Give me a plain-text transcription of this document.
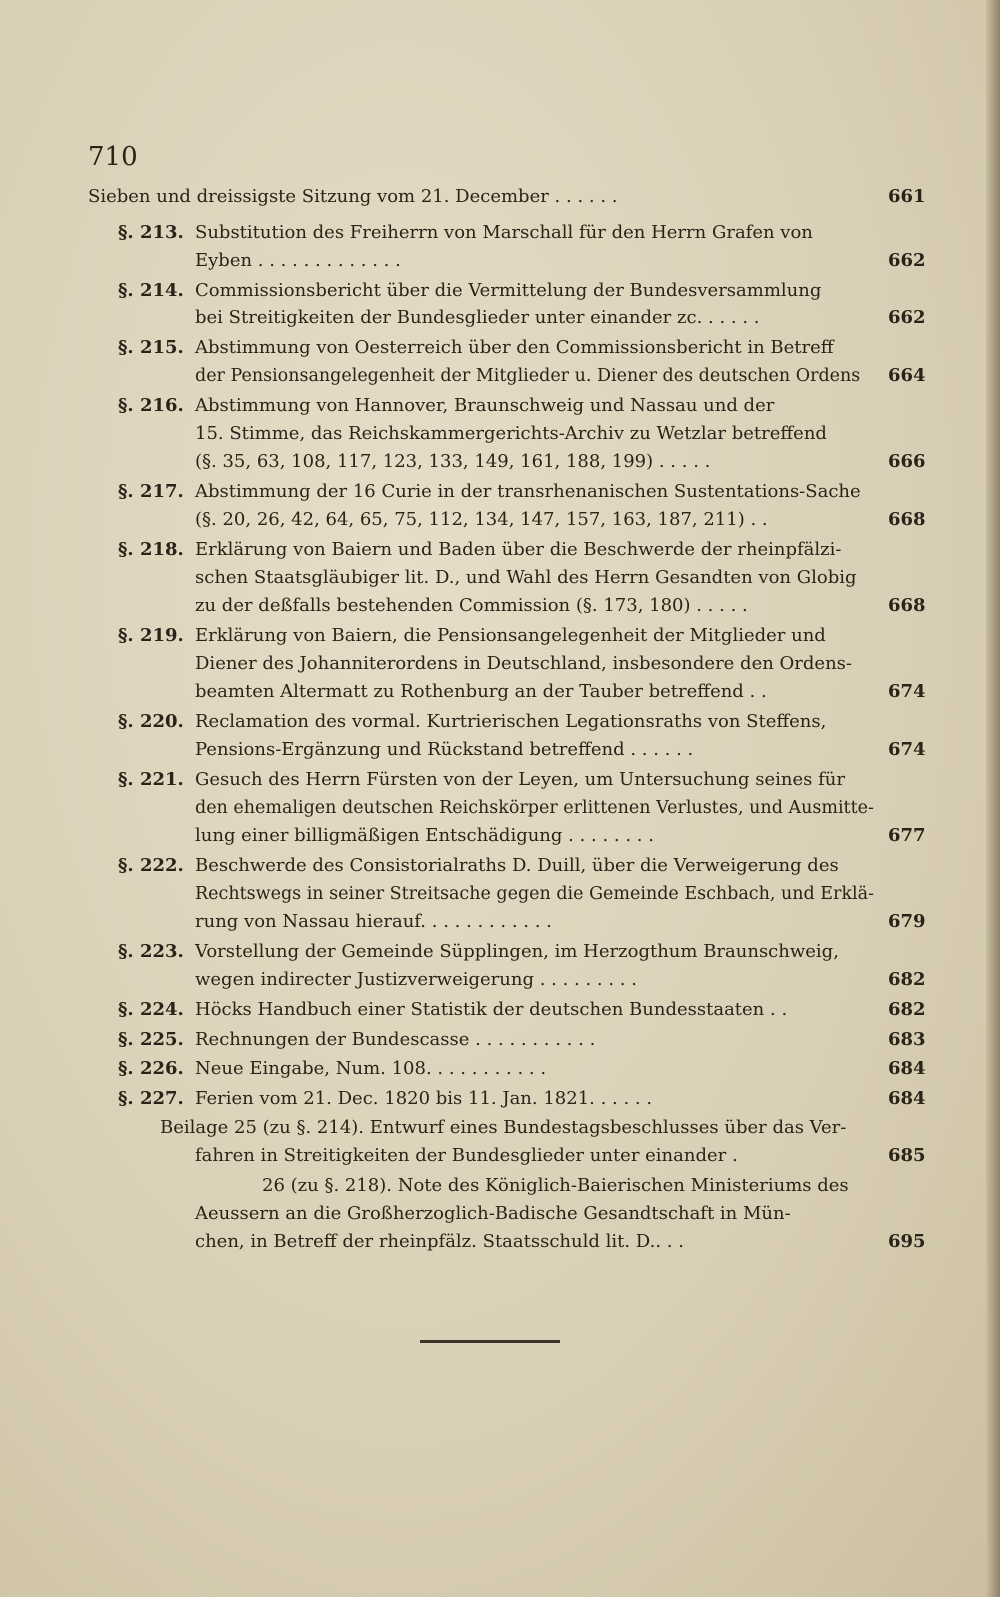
710
Sieben und dreissigste Sitzung vom 21. December . . . . . .	661
§. 213. Substitution des Freiherrn von Marschall für den Herrn Grafen von
Eyben . . . . . . . . . . . . .	662
§. 214. Commissionsbericht über die Vermittelung der Bundesversammlung
bei Streitigkeiten der Bundesglieder unter einander zc. . . . . .	662
§. 215. Abstimmung von Oesterreich über den Commissionsbericht in Betreff
der Pensionsangelegenheit der Mitglieder u. Diener des deutschen Ordens 664
§. 216. Abstimmung von Hannover, Braunschweig und Nassau und der
15. Stimme, das Reichskammergerichts-Archiv zu Wetzlar betreffend
(§. 35, 63, 108, 117, 123, 133, 149, 161, 188, 199) . . . . .	666
§. 217. Abstimmung der 16 Curie in der transrhenanischen Sustentations-Sache
(§. 20, 26, 42, 64, 65, 75, 112, 134, 147, 157, 163, 187, 211) . .	668
§. 218. Erklärung von Baiern und Baden über die Beschwerde der rheinpfälzi-
schen Staatsgläubiger lit. D., und Wahl des Herrn Gesandten von Globig
zu der deßfalls bestehenden Commission (§. 173, 180) . . . . .	668
§. 219. Erklärung von Baiern, die Pensionsangelegenheit der Mitglieder und
Diener des Johanniterordens in Deutschland, insbesondere den Ordens-
beamten Altermatt zu Rothenburg an der Tauber betreffend . .	674
§. 220. Reclamation des vormal. Kurtrierischen Legationsraths von Steffens,
Pensions-Ergänzung und Rückstand betreffend . . . . . .	674
§. 221. Gesuch des Herrn Fürsten von der Leyen, um Untersuchung seines für
den ehemaligen deutschen Reichskörper erlittenen Verlustes, und Ausmitte-
lung einer billigmäßigen Entschädigung . . . . . . . .	677
§. 222. Beschwerde des Consistorialraths D. Duill, über die Verweigerung des
Rechtswegs in seiner Streitsache gegen die Gemeinde Eschbach, und Erklä-
rung von Nassau hierauf. . . . . . . . . . . .	679
§. 223. Vorstellung der Gemeinde Süpplingen, im Herzogthum Braunschweig,
wegen indirecter Justizverweigerung . . . . . . . . .	682
§. 224. Höcks Handbuch einer Statistik der deutschen Bundesstaaten . .	682
§. 225. Rechnungen der Bundescasse . . . . . . . . . . .	683
§. 226. Neue Eingabe, Num. 108. . . . . . . . . . .	684
§. 227. Ferien vom 21. Dec. 1820 bis 11. Jan. 1821. . . . . .	684
Beilage 25 (zu §. 214). Entwurf eines Bundestagsbeschlusses über das Ver-
fahren in Streitigkeiten der Bundesglieder unter einander .	685
26 (zu §. 218). Note des Königlich-Baierischen Ministeriums des
Aeussern an die Großherzoglich-Badische Gesandtschaft in Mün-
chen, in Betreff der rheinpfälz. Staatsschuld lit. D.. . .	695
